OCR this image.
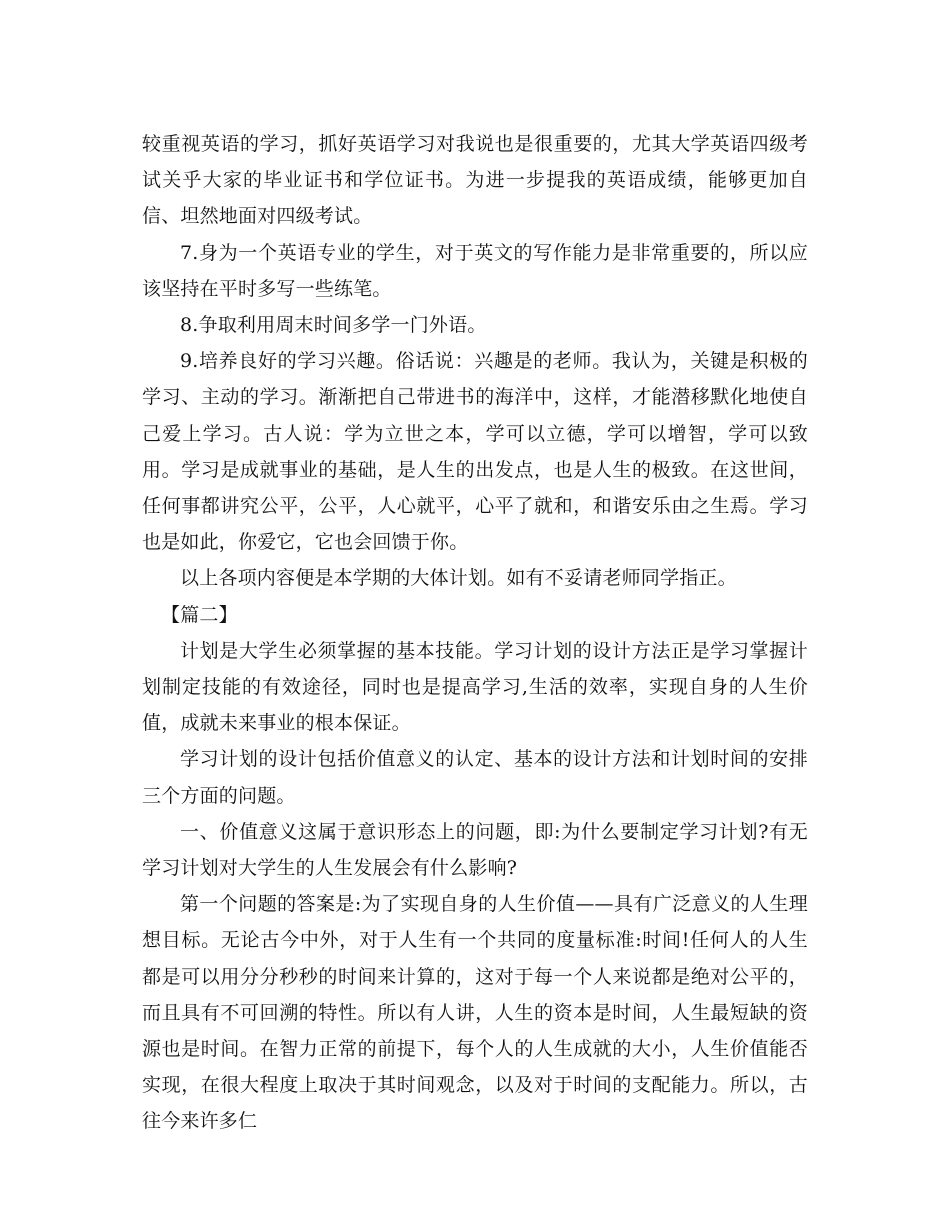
较重视英语的学习，抓好英语学习对我说也是很重要的，尤其大学英语四级考试关乎大家的毕业证书和学位证书。为进一步提我的英语成绩，能够更加自信、坦然地面对四级考试。

7.身为一个英语专业的学生，对于英文的写作能力是非常重要的，所以应该坚持在平时多写一些练笔。

8.争取利用周末时间多学一门外语。

9.培养良好的学习兴趣。俗话说：兴趣是的老师。我认为，关键是积极的学习、主动的学习。渐渐把自己带进书的海洋中，这样，才能潜移默化地使自己爱上学习。古人说：学为立世之本，学可以立德，学可以增智，学可以致用。学习是成就事业的基础，是人生的出发点，也是人生的极致。在这世间，任何事都讲究公平，公平，人心就平，心平了就和，和谐安乐由之生焉。学习也是如此，你爱它，它也会回馈于你。

以上各项内容便是本学期的大体计划。如有不妥请老师同学指正。

【篇二】

计划是大学生必须掌握的基本技能。学习计划的设计方法正是学习掌握计划制定技能的有效途径，同时也是提高学习,生活的效率，实现自身的人生价值，成就未来事业的根本保证。

学习计划的设计包括价值意义的认定、基本的设计方法和计划时间的安排三个方面的问题。

一、价值意义这属于意识形态上的问题，即:为什么要制定学习计划?有无学习计划对大学生的人生发展会有什么影响?

第一个问题的答案是:为了实现自身的人生价值——具有广泛意义的人生理想目标。无论古今中外，对于人生有一个共同的度量标准:时间!任何人的人生都是可以用分分秒秒的时间来计算的，这对于每一个人来说都是绝对公平的，而且具有不可回溯的特性。所以有人讲，人生的资本是时间，人生最短缺的资源也是时间。在智力正常的前提下，每个人的人生成就的大小，人生价值能否实现，在很大程度上取决于其时间观念，以及对于时间的支配能力。所以，古往今来许多仁
